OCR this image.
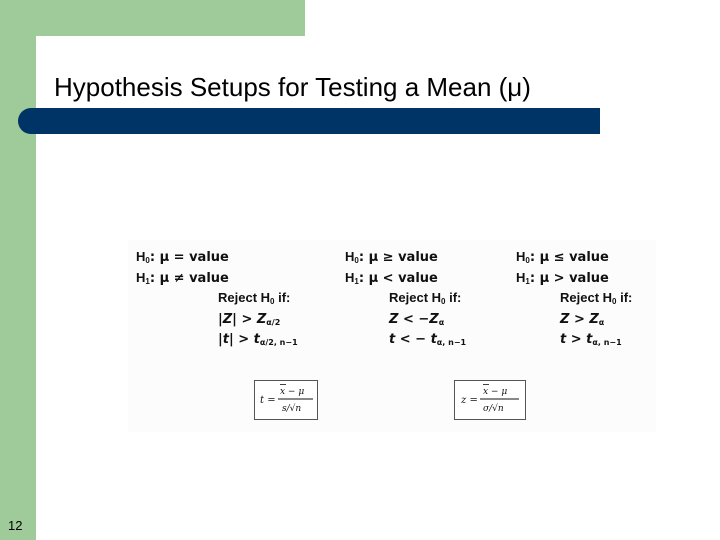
Hypothesis Setups for Testing a Mean (μ)
$H_0$: μ = value
$H_1$: μ ≠ value
Reject $H_0$ if:
$|Z| > Z_{\alpha/2}$
$|t| > t_{\alpha/2, n-1}$
$H_0$: μ ≥ value
$H_1$: μ < value
Reject $H_0$ if:
$Z < -Z_\alpha$
t < − $t_{\alpha, n-1}$
$H_0$: μ ≤ value
$H_1$: μ > value
Reject $H_0$ if:
$Z > Z_\alpha$
$t > t_{\alpha, n-1}$
t =
x − μ
s/√n
z =
x − μ
σ/√n
12
